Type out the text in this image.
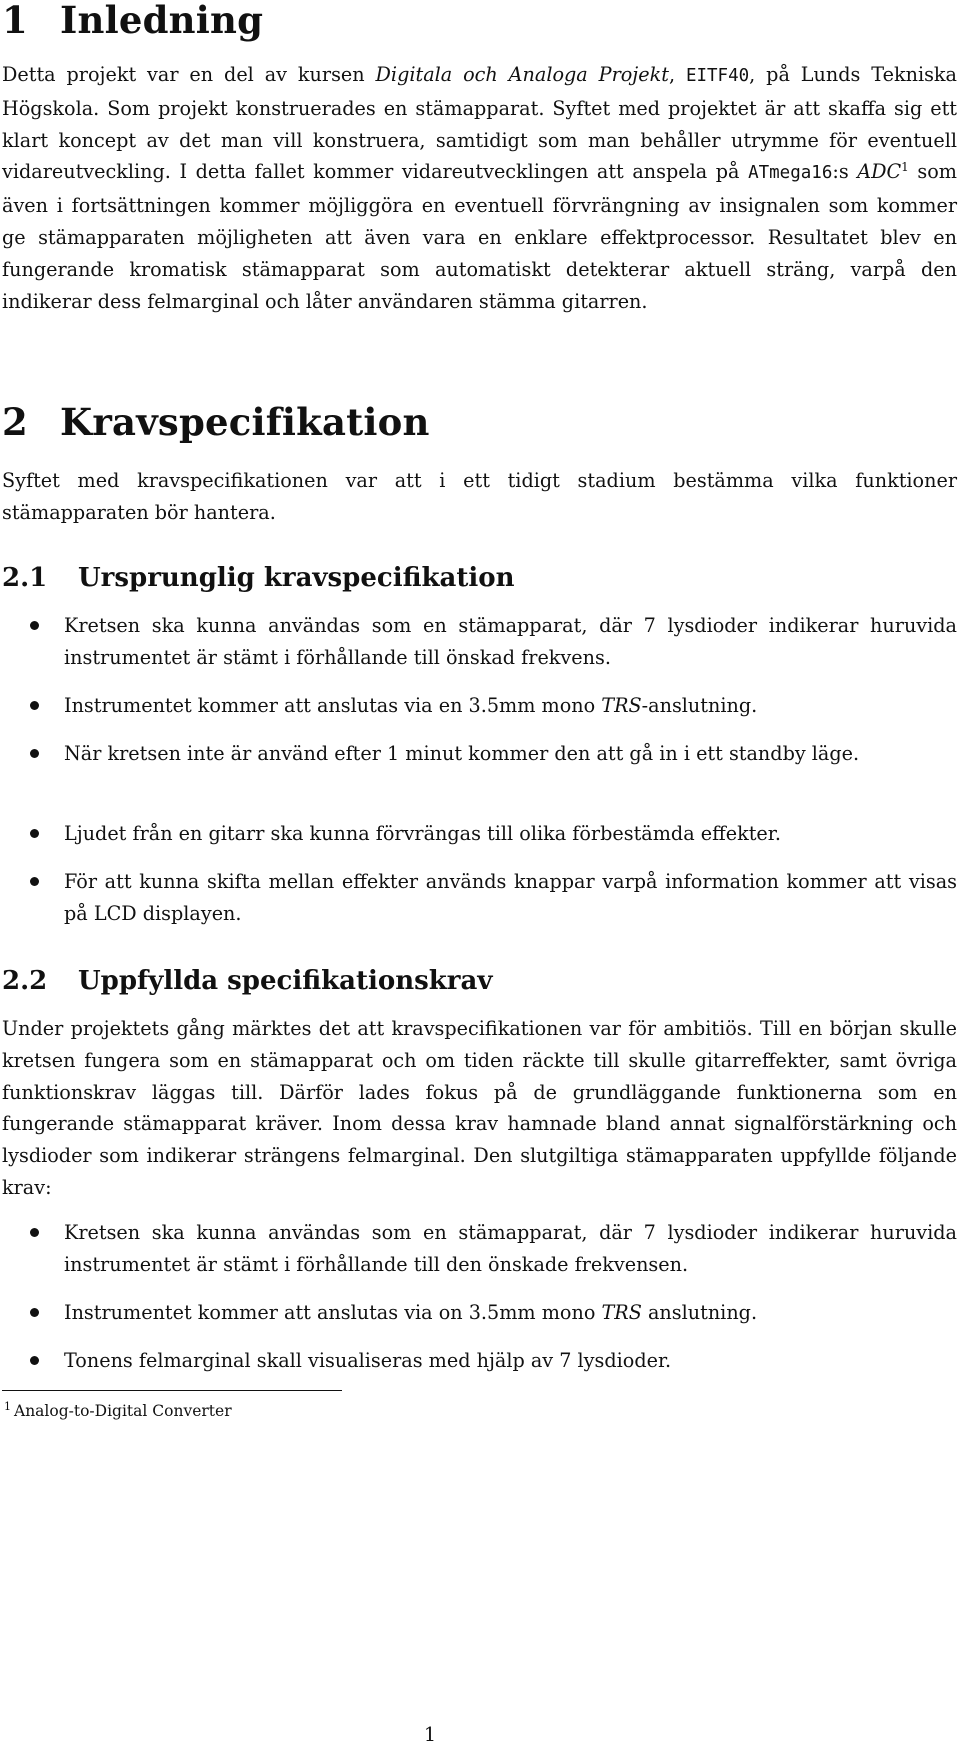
1 Inledning

Detta projekt var en del av kursen Digitala och Analoga Projekt, EITF40, på Lunds Tekniska Högskola. Som projekt konstruerades en stämapparat. Syftet med projektet är att skaffa sig ett klart koncept av det man vill konstruera, samtidigt som man behåller utrymme för eventuell vidareutveckling. I detta fallet kommer vidareutvecklingen att anspela på ATmega16:s ADC$^1$ som även i fortsättningen kommer möjliggöra en eventuell förvrängning av insignalen som kommer ge stämapparaten möjligheten att även vara en enklare effektprocessor. Resultatet blev en fungerande kromatisk stämapparat som automatiskt detekterar aktuell sträng, varpå den indikerar dess felmarginal och låter användaren stämma gitarren.

2 Kravspecifikation

Syftet med kravspecifikationen var att i ett tidigt stadium bestämma vilka funktioner stämapparaten bör hantera.

2.1 Ursprunglig kravspecifikation
Kretsen ska kunna användas som en stämapparat, där 7 lysdioder indikerar huruvida instrumentet är stämt i förhållande till önskad frekvens.
Instrumentet kommer att anslutas via en 3.5mm mono TRS-anslutning.
När kretsen inte är använd efter 1 minut kommer den att gå in i ett standby läge.
Ljudet från en gitarr ska kunna förvrängas till olika förbestämda effekter.
För att kunna skifta mellan effekter används knappar varpå information kommer att visas på LCD displayen.
2.2 Uppfyllda specifikationskrav

Under projektets gång märktes det att kravspecifikationen var för ambitiös. Till en början skulle kretsen fungera som en stämapparat och om tiden räckte till skulle gitarreffekter, samt övriga funktionskrav läggas till. Därför lades fokus på de grundläggande funktionerna som en fungerande stämapparat kräver. Inom dessa krav hamnade bland annat signalförstärkning och lysdioder som indikerar strängens felmarginal. Den slutgiltiga stämapparaten uppfyllde följande krav:

Kretsen ska kunna användas som en stämapparat, där 7 lysdioder indikerar huruvida instrumentet är stämt i förhållande till den önskade frekvensen.
Instrumentet kommer att anslutas via on 3.5mm mono TRS anslutning.
Tonens felmarginal skall visualiseras med hjälp av 7 lysdioder.

$^1$ Analog-to-Digital Converter

1
